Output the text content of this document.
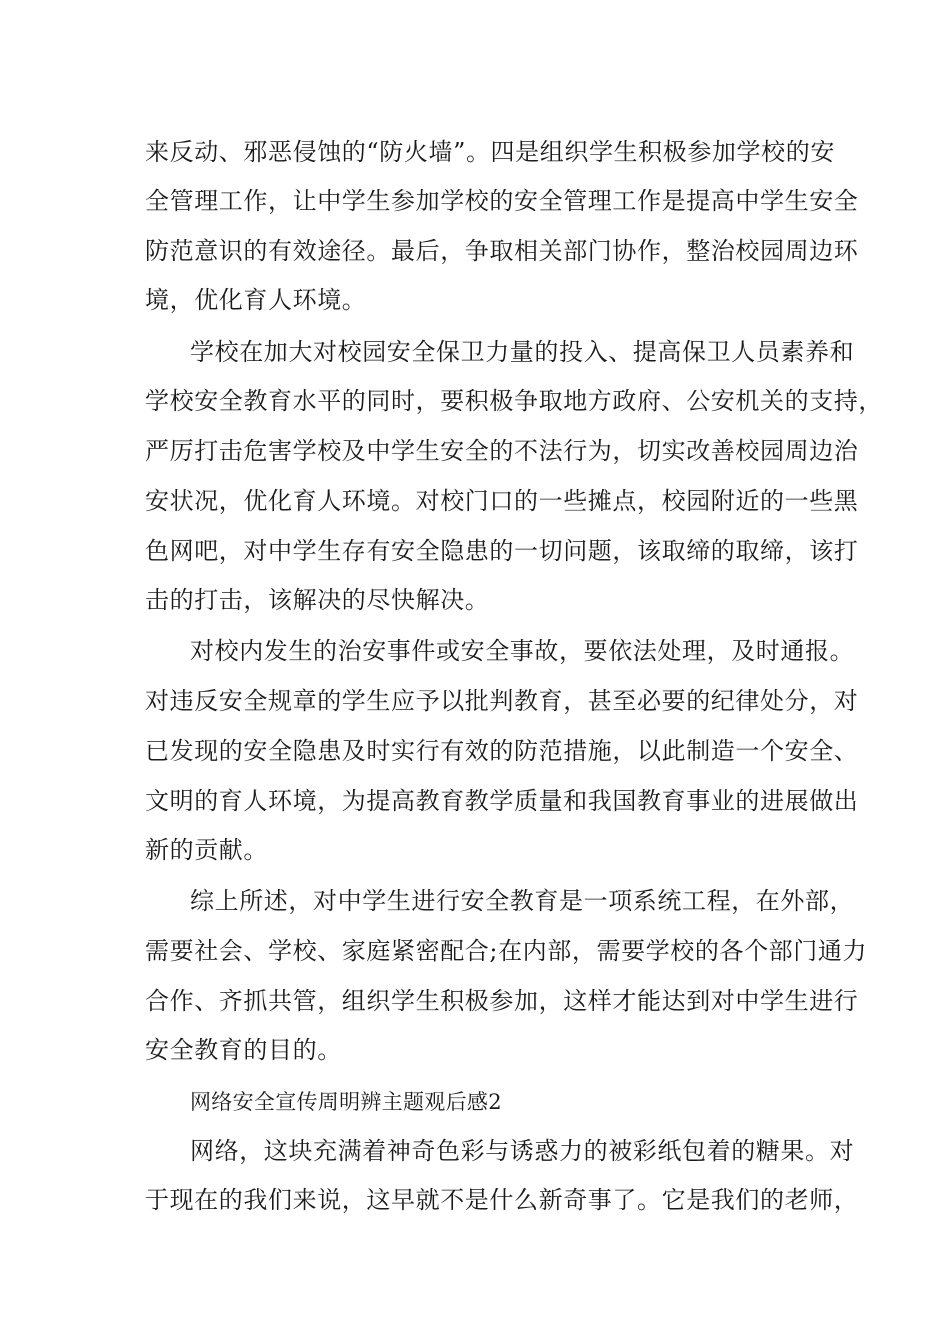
来反动、邪恶侵蚀的“防火墙”。四是组织学生积极参加学校的安
全管理工作，让中学生参加学校的安全管理工作是提高中学生安全
防范意识的有效途径。最后，争取相关部门协作，整治校园周边环
境，优化育人环境。
学校在加大对校园安全保卫力量的投入、提高保卫人员素养和
学校安全教育水平的同时，要积极争取地方政府、公安机关的支持，
严厉打击危害学校及中学生安全的不法行为，切实改善校园周边治
安状况，优化育人环境。对校门口的一些摊点，校园附近的一些黑
色网吧，对中学生存有安全隐患的一切问题，该取缔的取缔，该打
击的打击，该解决的尽快解决。
对校内发生的治安事件或安全事故，要依法处理，及时通报。
对违反安全规章的学生应予以批判教育，甚至必要的纪律处分，对
已发现的安全隐患及时实行有效的防范措施，以此制造一个安全、
文明的育人环境，为提高教育教学质量和我国教育事业的进展做出
新的贡献。
综上所述，对中学生进行安全教育是一项系统工程，在外部，
需要社会、学校、家庭紧密配合;在内部，需要学校的各个部门通力
合作、齐抓共管，组织学生积极参加，这样才能达到对中学生进行
安全教育的目的。
网络安全宣传周明辨主题观后感2
网络，这块充满着神奇色彩与诱惑力的被彩纸包着的糖果。对
于现在的我们来说，这早就不是什么新奇事了。它是我们的老师，
